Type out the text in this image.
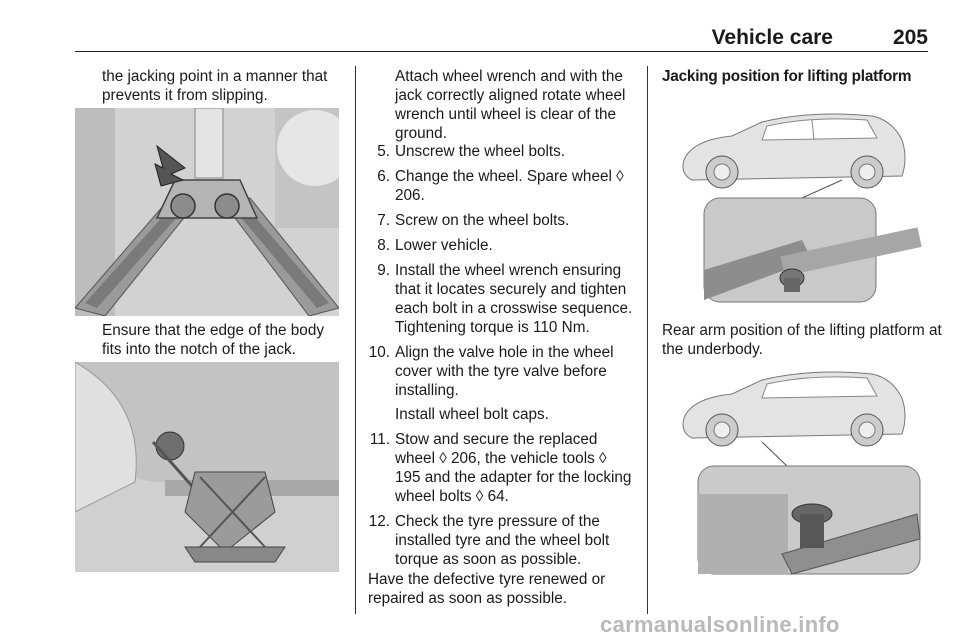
Vehicle care	205
the jacking point in a manner that prevents it from slipping.
Ensure that the edge of the body fits into the notch of the jack.
Attach wheel wrench and with the jack correctly aligned rotate wheel wrench until wheel is clear of the ground.
5. Unscrew the wheel bolts.
6. Change the wheel. Spare wheel ◊ 206.
7. Screw on the wheel bolts.
8. Lower vehicle.
9. Install the wheel wrench ensuring that it locates securely and tighten each bolt in a crosswise sequence. Tightening torque is 110 Nm.
10. Align the valve hole in the wheel cover with the tyre valve before installing.

Install wheel bolt caps.

11. Stow and secure the replaced wheel ◊ 206, the vehicle tools ◊ 195 and the adapter for the locking wheel bolts ◊ 64.
12. Check the tyre pressure of the installed tyre and the wheel bolt torque as soon as possible.
Have the defective tyre renewed or repaired as soon as possible.
Jacking position for lifting platform
Rear arm position of the lifting platform at the underbody.
carmanualsonline.info
